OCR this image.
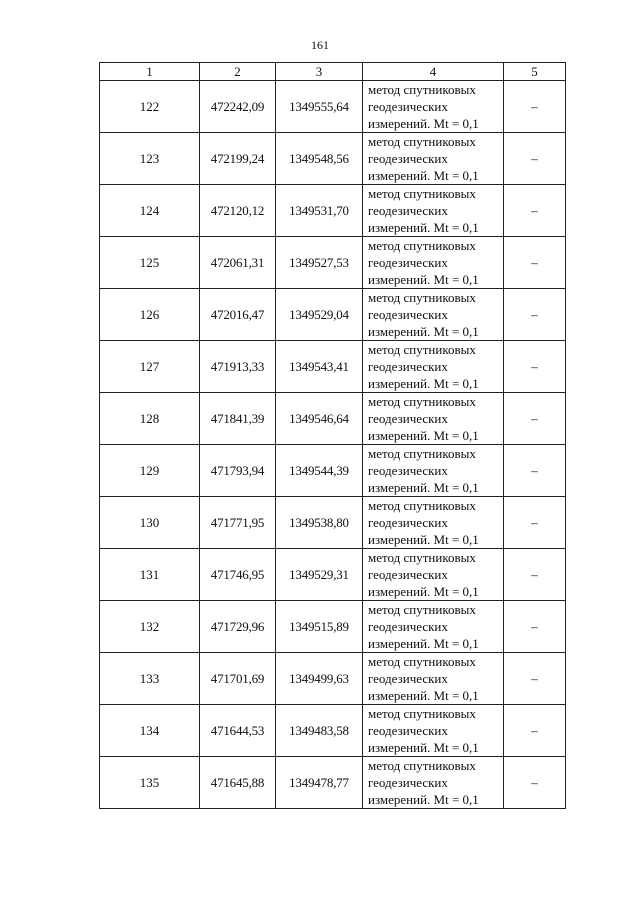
161
1	2	3	4	5
122	472242,09	1349555,64	метод спутниковых
геодезических
измерений. Mt = 0,1	–
123	472199,24	1349548,56	метод спутниковых
геодезических
измерений. Mt = 0,1	–
124	472120,12	1349531,70	метод спутниковых
геодезических
измерений. Mt = 0,1	–
125	472061,31	1349527,53	метод спутниковых
геодезических
измерений. Mt = 0,1	–
126	472016,47	1349529,04	метод спутниковых
геодезических
измерений. Mt = 0,1	–
127	471913,33	1349543,41	метод спутниковых
геодезических
измерений. Mt = 0,1	–
128	471841,39	1349546,64	метод спутниковых
геодезических
измерений. Mt = 0,1	–
129	471793,94	1349544,39	метод спутниковых
геодезических
измерений. Mt = 0,1	–
130	471771,95	1349538,80	метод спутниковых
геодезических
измерений. Mt = 0,1	–
131	471746,95	1349529,31	метод спутниковых
геодезических
измерений. Mt = 0,1	–
132	471729,96	1349515,89	метод спутниковых
геодезических
измерений. Mt = 0,1	–
133	471701,69	1349499,63	метод спутниковых
геодезических
измерений. Mt = 0,1	–
134	471644,53	1349483,58	метод спутниковых
геодезических
измерений. Mt = 0,1	–
135	471645,88	1349478,77	метод спутниковых
геодезических
измерений. Mt = 0,1	–
